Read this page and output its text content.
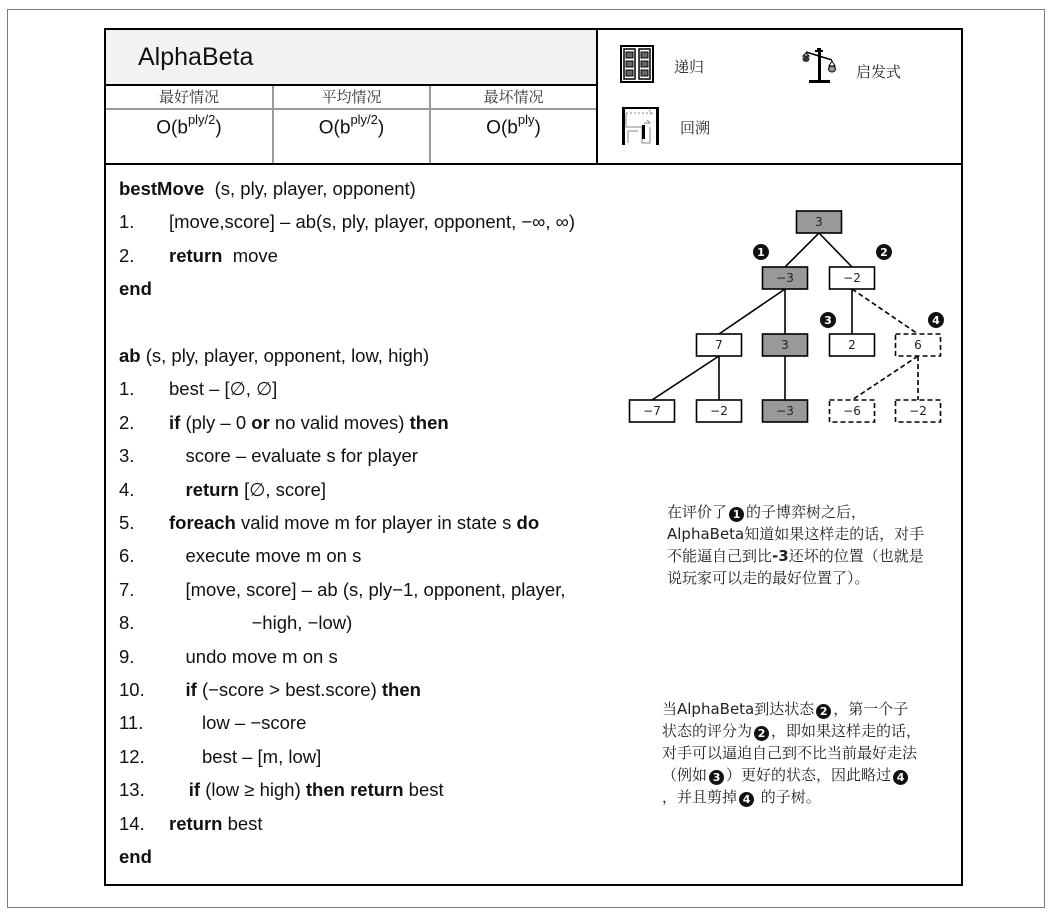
AlphaBeta
最好情况
$O(b^{ply/2})$
平均情况
$O(b^{ply/2})$
最坏情况
$O(b^{ply})$
递归	启发式
回溯
bestMove  (s, ply, player, opponent)
1.	[move,score] – ab(s, ply, player, opponent, −∞, ∞)
2.	return  move
end
ab (s, ply, player, opponent, low, high)
1.	best – [∅, ∅]
2.	if (ply – 0 or no valid moves) then
3.	score – evaluate s for player
4.	return [∅, score]
5.	foreach valid move m for player in state s do
6.	execute move m on s
7.	[move, score] – ab (s, ply−1, opponent, player,
8.	−high, −low)
9.	undo move m on s
10.	if (−score > best.score) then
11.	low – −score
12.	best – [m, low]
13.	if (low ≥ high) then return best
14.	return best
end
3
−3	−2
7	3	2	6
−7	−2	−3	−6	−2
1	2
3	4
在评价了 1 的子博弈树之后，AlphaBeta知道如果这样走的话，对手不能逼自己到比-3还坏的位置（也就是说玩家可以走的最好位置了）。
当AlphaBeta到达状态 2 ，第一个子状态的评分为 2 ，即如果这样走的话，对手可以逼迫自己到不比当前最好走法（例如 3 ）更好的状态，因此略过 4，并且剪掉 4 的子树。
